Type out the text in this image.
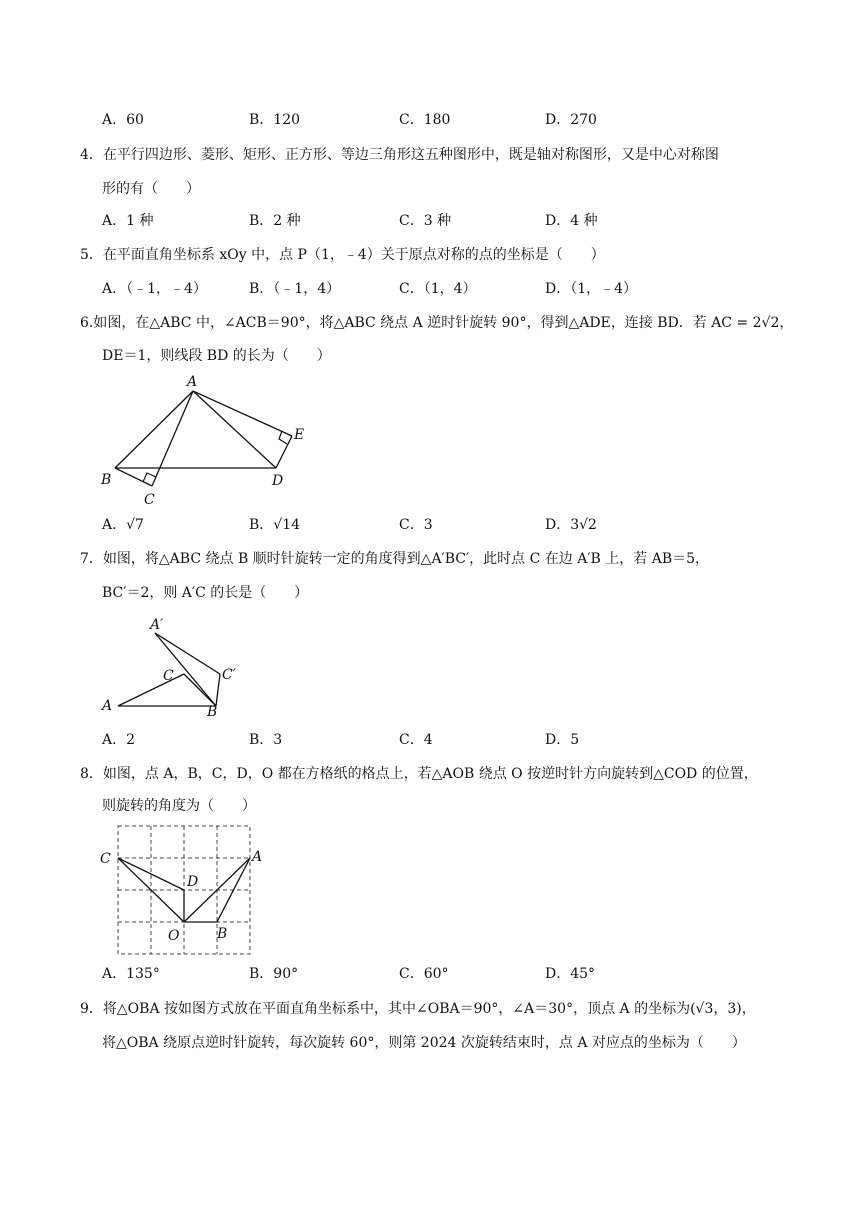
A．60	B．120	C．180	D．270
4．在平行四边形、菱形、矩形、正方形、等边三角形这五种图形中，既是轴对称图形，又是中心对称图
形的有（　　）
A．1 种	B．2 种	C．3 种	D．4 种
5．在平面直角坐标系 xOy 中，点 P（1，﹣4）关于原点对称的点的坐标是（　　）
A．（﹣1，﹣4）	B．（﹣1，4）	C．（1，4）	D．（1，﹣4）
6.如图，在△ABC 中，∠ACB＝90°，将△ABC 绕点 A 逆时针旋转 90°，得到△ADE，连接 BD．若 AC = 2√2，
DE＝1，则线段 BD 的长为（　　）
A
B
C
D
E
A．√7	B．√14	C．3	D．3√2
7．如图，将△ABC 绕点 B 顺时针旋转一定的角度得到△A′BC′，此时点 C 在边 A′B 上，若 AB＝5，
BC′＝2，则 A′C 的长是（　　）
A′
C	C′
A	B
A．2	B．3	C．4	D．5
8．如图，点 A，B，C，D，O 都在方格纸的格点上，若△AOB 绕点 O 按逆时针方向旋转到△COD 的位置，
则旋转的角度为（　　）
C	A
D
O	B
A．135°	B．90°	C．60°	D．45°
9．将△OBA 按如图方式放在平面直角坐标系中，其中∠OBA＝90°，∠A＝30°，顶点 A 的坐标为(√3，3)，
将△OBA 绕原点逆时针旋转，每次旋转 60°，则第 2024 次旋转结束时，点 A 对应点的坐标为（　　）
